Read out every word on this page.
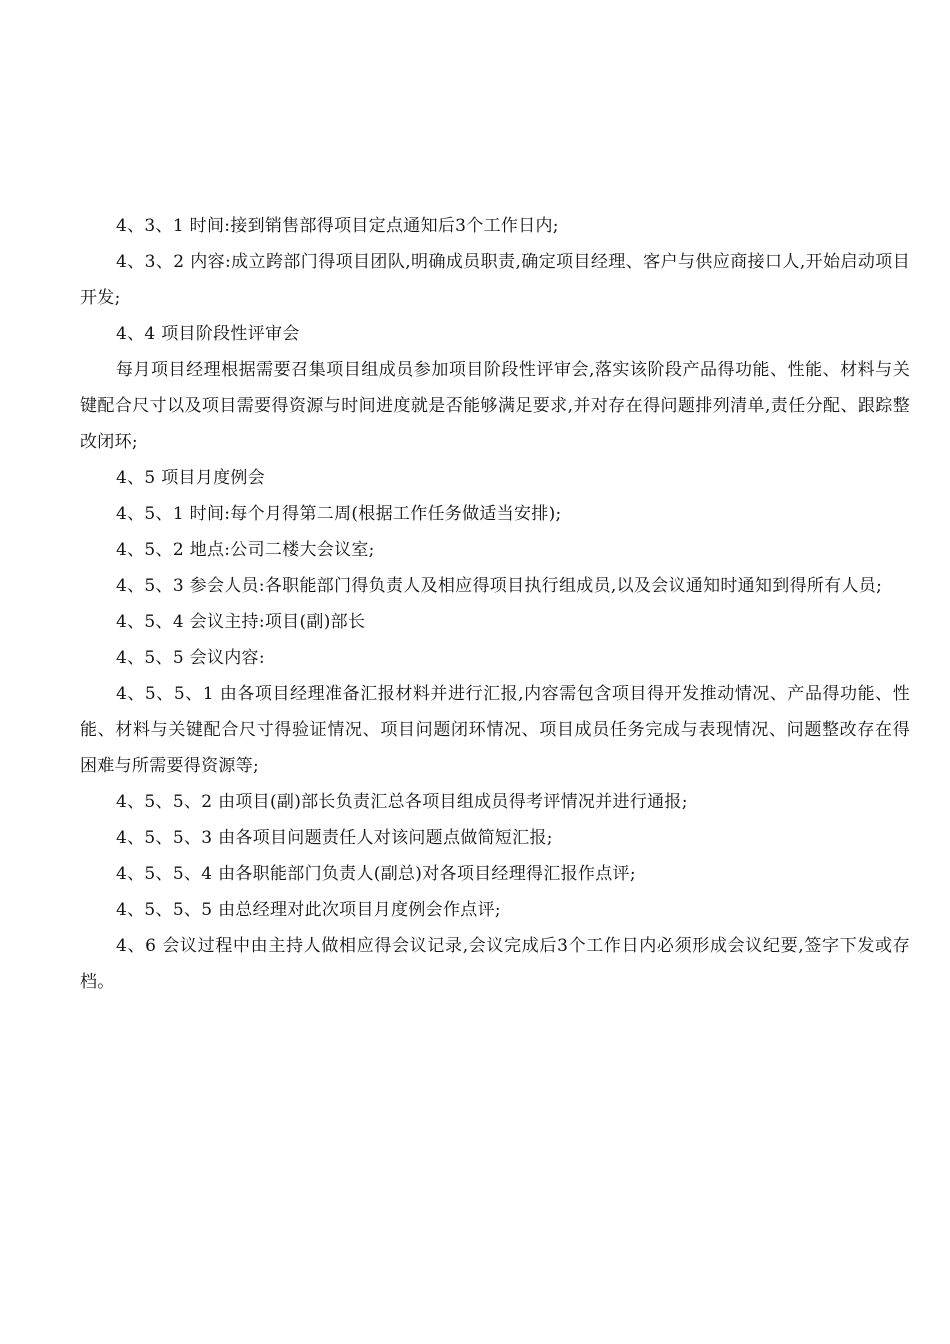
4、3、1 时间:接到销售部得项目定点通知后3个工作日内;

4、3、2 内容:成立跨部门得项目团队,明确成员职责,确定项目经理、客户与供应商接口人,开始启动项目开发;

4、4 项目阶段性评审会

每月项目经理根据需要召集项目组成员参加项目阶段性评审会,落实该阶段产品得功能、性能、材料与关键配合尺寸以及项目需要得资源与时间进度就是否能够满足要求,并对存在得问题排列清单,责任分配、跟踪整改闭环;

4、5 项目月度例会

4、5、1 时间:每个月得第二周(根据工作任务做适当安排);

4、5、2 地点:公司二楼大会议室;

4、5、3 参会人员:各职能部门得负责人及相应得项目执行组成员,以及会议通知时通知到得所有人员;

4、5、4 会议主持:项目(副)部长

4、5、5 会议内容:

4、5、5、1 由各项目经理准备汇报材料并进行汇报,内容需包含项目得开发推动情况、产品得功能、性能、材料与关键配合尺寸得验证情况、项目问题闭环情况、项目成员任务完成与表现情况、问题整改存在得困难与所需要得资源等;

4、5、5、2 由项目(副)部长负责汇总各项目组成员得考评情况并进行通报;

4、5、5、3 由各项目问题责任人对该问题点做简短汇报;

4、5、5、4 由各职能部门负责人(副总)对各项目经理得汇报作点评;

4、5、5、5 由总经理对此次项目月度例会作点评;

4、6 会议过程中由主持人做相应得会议记录,会议完成后3个工作日内必须形成会议纪要,签字下发或存档。
